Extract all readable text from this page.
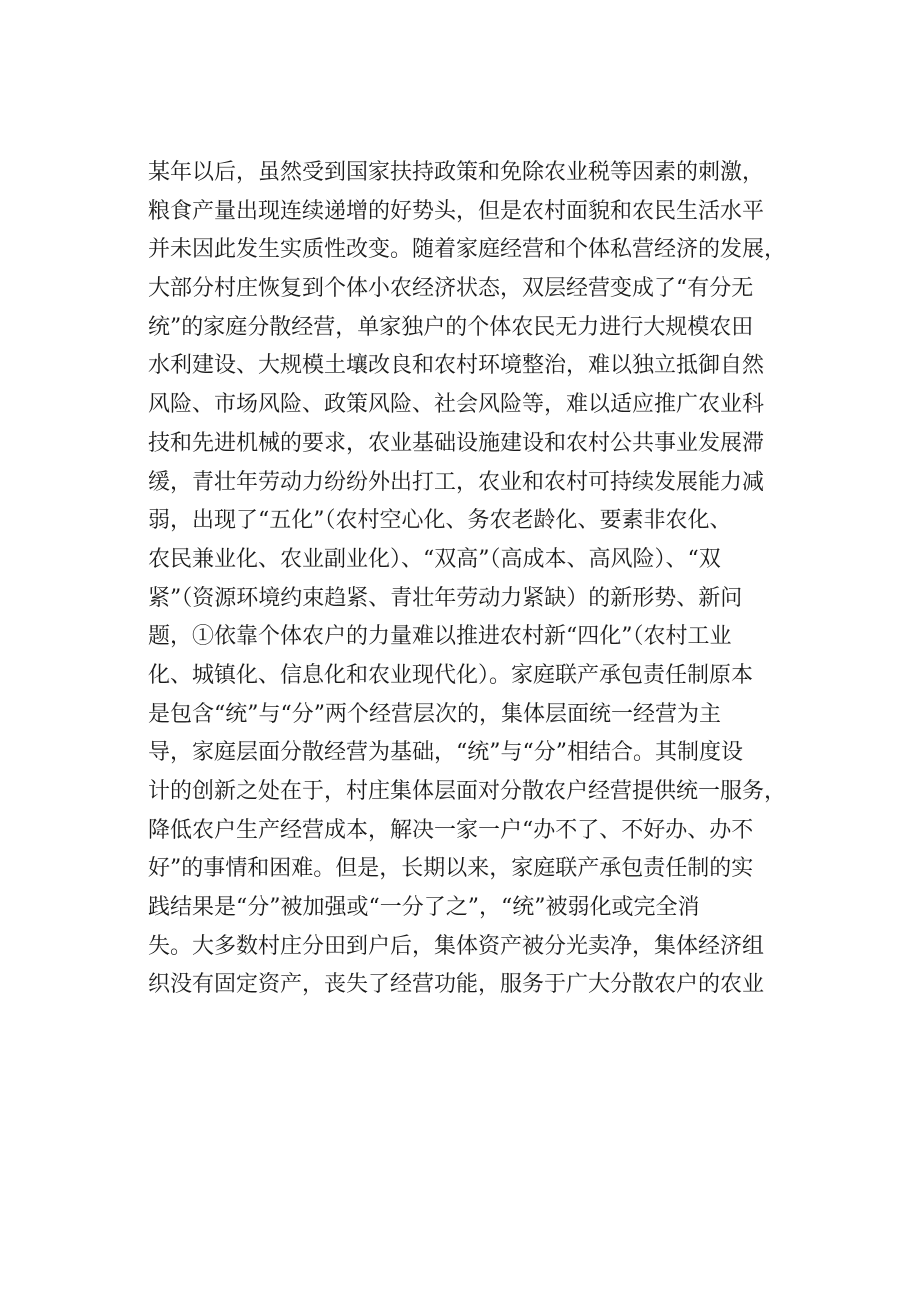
某年以后，虽然受到国家扶持政策和免除农业税等因素的刺激，
粮食产量出现连续递增的好势头，但是农村面貌和农民生活水平
并未因此发生实质性改变。随着家庭经营和个体私营经济的发展，
大部分村庄恢复到个体小农经济状态，双层经营变成了“有分无
统”的家庭分散经营，单家独户的个体农民无力进行大规模农田
水利建设、大规模土壤改良和农村环境整治，难以独立抵御自然
风险、市场风险、政策风险、社会风险等，难以适应推广农业科
技和先进机械的要求，农业基础设施建设和农村公共事业发展滞
缓，青壮年劳动力纷纷外出打工，农业和农村可持续发展能力减
弱，出现了“五化”（农村空心化、务农老龄化、要素非农化、
农民兼业化、农业副业化）、“双高”（高成本、高风险）、“双
紧”（资源环境约束趋紧、青壮年劳动力紧缺）的新形势、新问
题，①依靠个体农户的力量难以推进农村新“四化”（农村工业
化、城镇化、信息化和农业现代化）。家庭联产承包责任制原本
是包含“统”与“分”两个经营层次的，集体层面统一经营为主
导，家庭层面分散经营为基础，“统”与“分”相结合。其制度设
计的创新之处在于，村庄集体层面对分散农户经营提供统一服务，
降低农户生产经营成本，解决一家一户“办不了、不好办、办不
好”的事情和困难。但是，长期以来，家庭联产承包责任制的实
践结果是“分”被加强或“一分了之”，“统”被弱化或完全消
失。大多数村庄分田到户后，集体资产被分光卖净，集体经济组
织没有固定资产，丧失了经营功能，服务于广大分散农户的农业
